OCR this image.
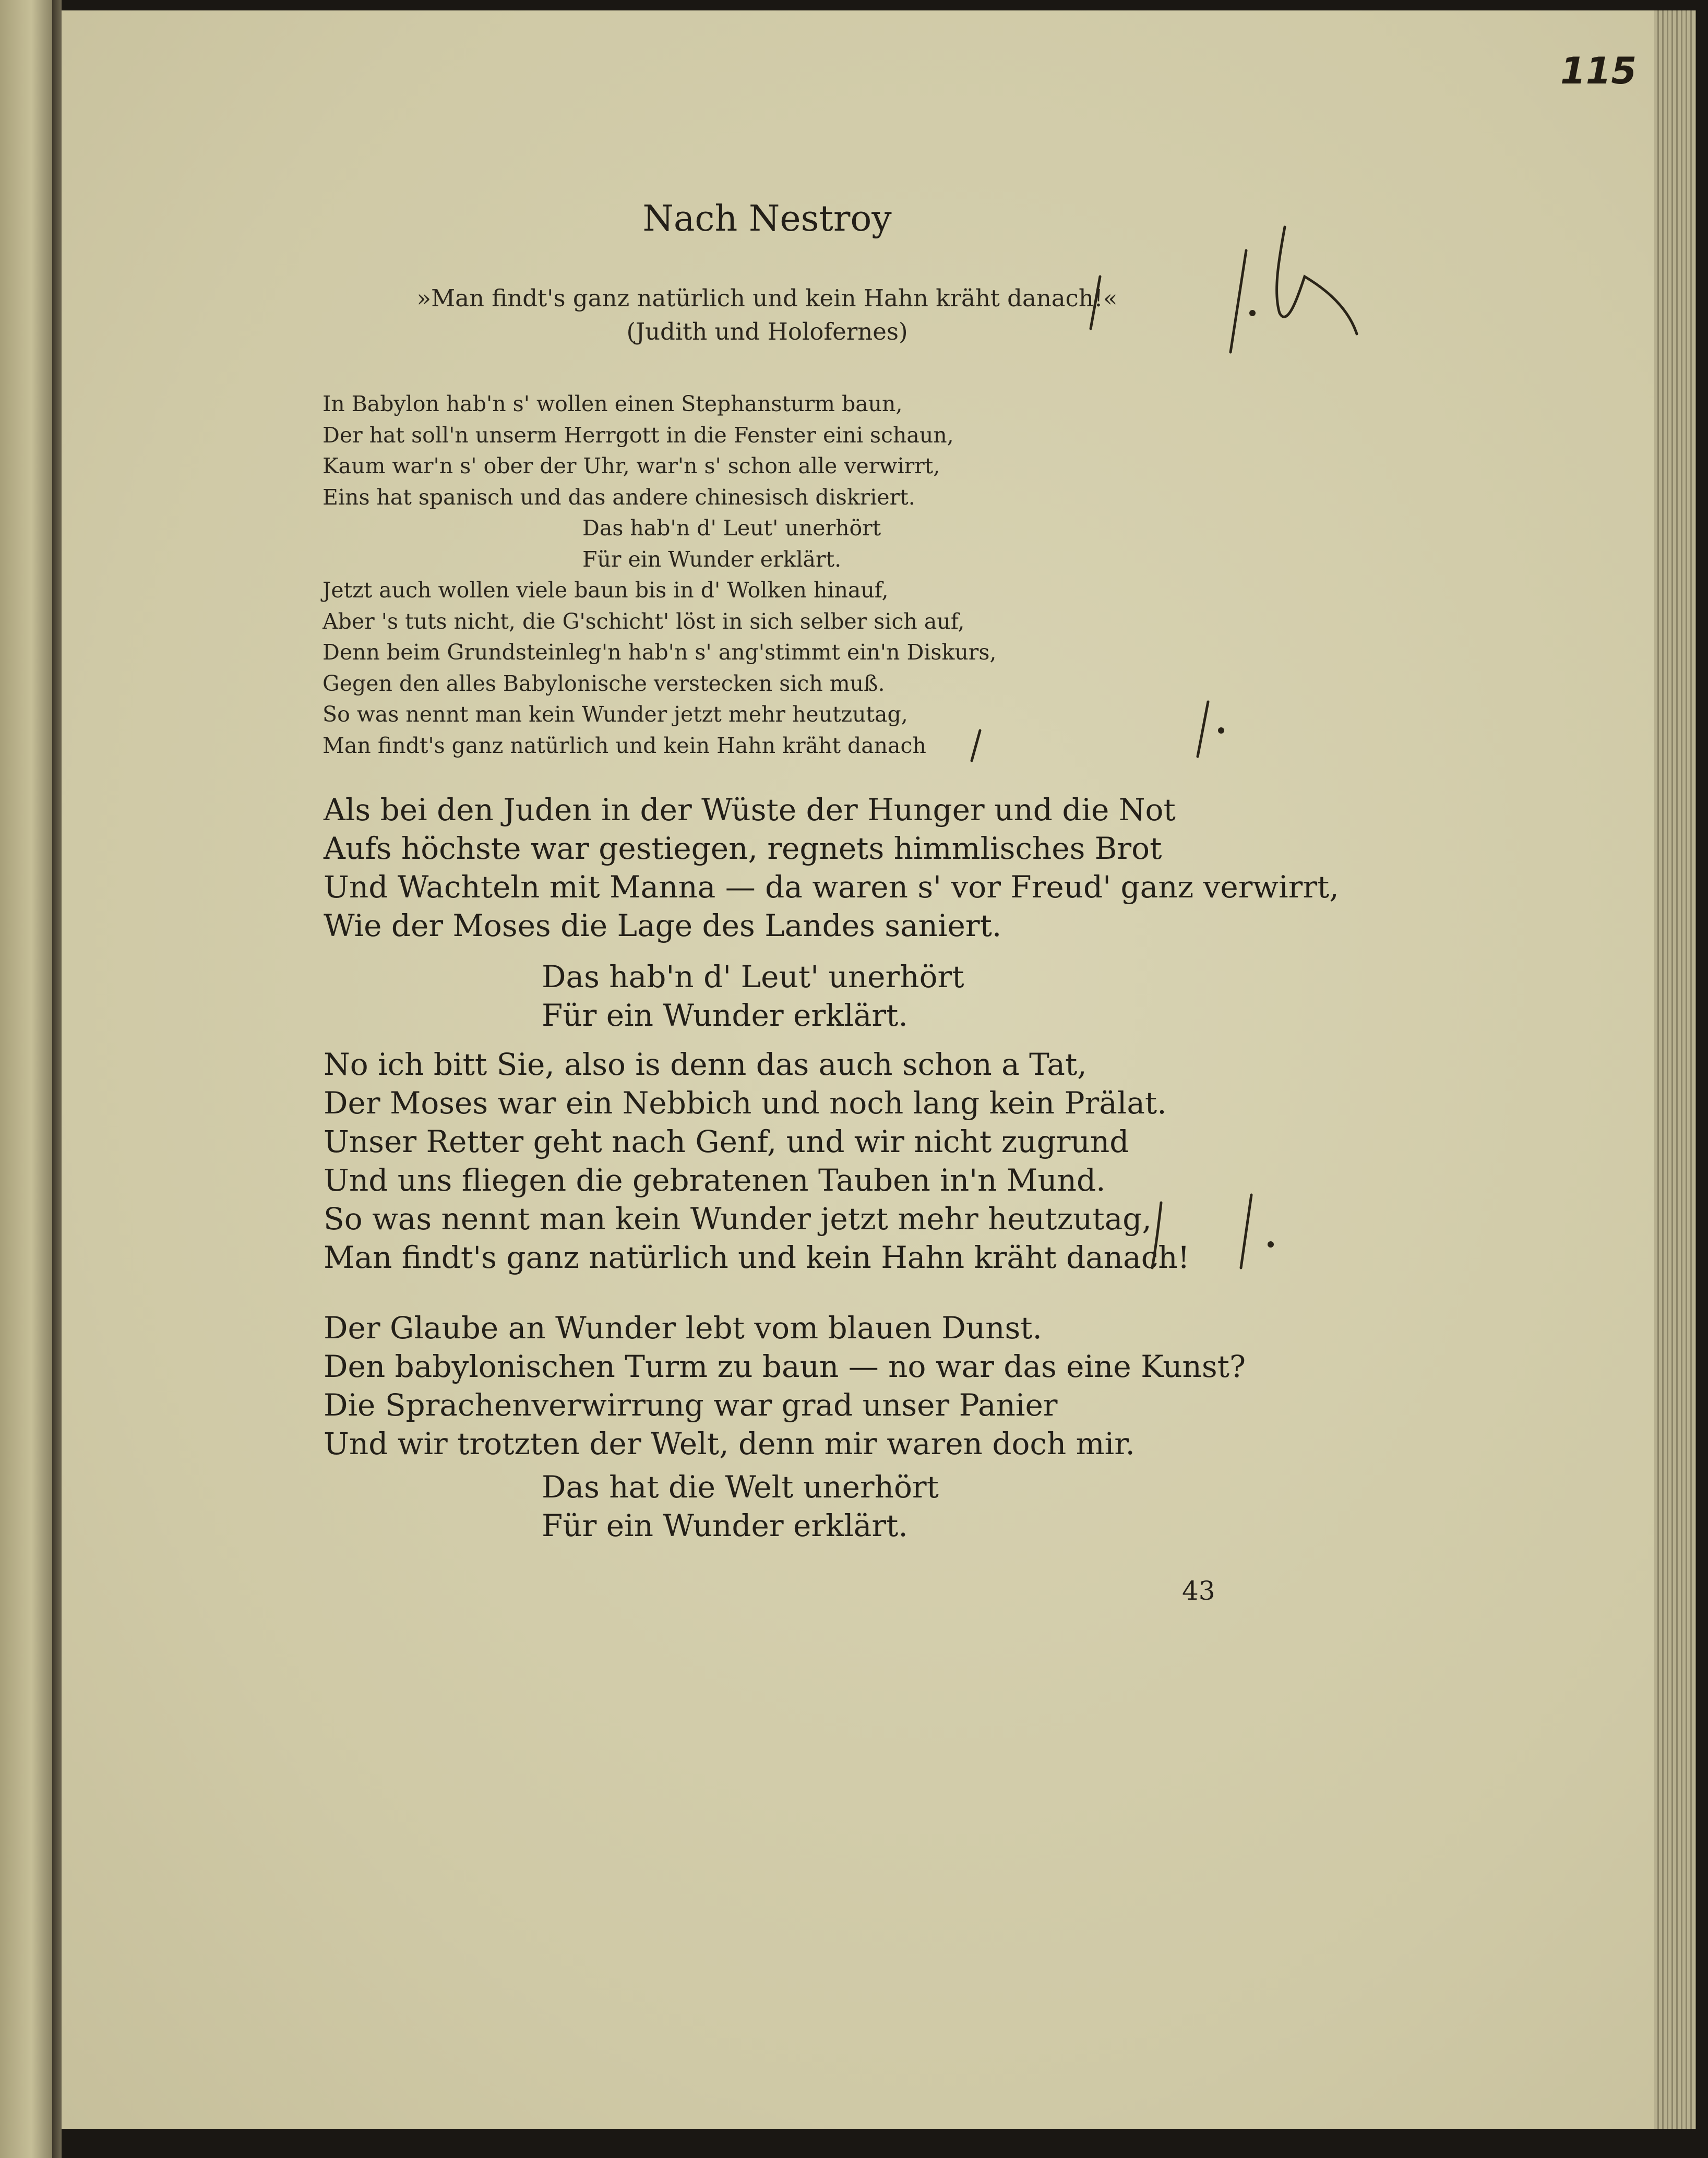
115
Nach Nestroy
»Man findt's ganz natürlich und kein Hahn kräht danach!«
(Judith und Holofernes)
In Babylon hab'n s' wollen einen Stephansturm baun,
Der hat soll'n unserm Herrgott in die Fenster eini schaun,
Kaum war'n s' ober der Uhr, war'n s' schon alle verwirrt,
Eins hat spanisch und das andere chinesisch diskriert.
Das hab'n d' Leut' unerhört
Für ein Wunder erklärt.
Jetzt auch wollen viele baun bis in d' Wolken hinauf,
Aber 's tuts nicht, die G'schicht' löst in sich selber sich auf,
Denn beim Grundsteinleg'n hab'n s' ang'stimmt ein'n Diskurs,
Gegen den alles Babylonische verstecken sich muß.
So was nennt man kein Wunder jetzt mehr heutzutag,
Man findt's ganz natürlich und kein Hahn kräht danach
Als bei den Juden in der Wüste der Hunger und die Not
Aufs höchste war gestiegen, regnets himmlisches Brot
Und Wachteln mit Manna — da waren s' vor Freud' ganz verwirrt,
Wie der Moses die Lage des Landes saniert.
Das hab'n d' Leut' unerhört
Für ein Wunder erklärt.
No ich bitt Sie, also is denn das auch schon a Tat,
Der Moses war ein Nebbich und noch lang kein Prälat.
Unser Retter geht nach Genf, und wir nicht zugrund
Und uns fliegen die gebratenen Tauben in'n Mund.
So was nennt man kein Wunder jetzt mehr heutzutag,
Man findt's ganz natürlich und kein Hahn kräht danach!
Der Glaube an Wunder lebt vom blauen Dunst.
Den babylonischen Turm zu baun — no war das eine Kunst?
Die Sprachenverwirrung war grad unser Panier
Und wir trotzten der Welt, denn mir waren doch mir.
Das hat die Welt unerhört
Für ein Wunder erklärt.
43
